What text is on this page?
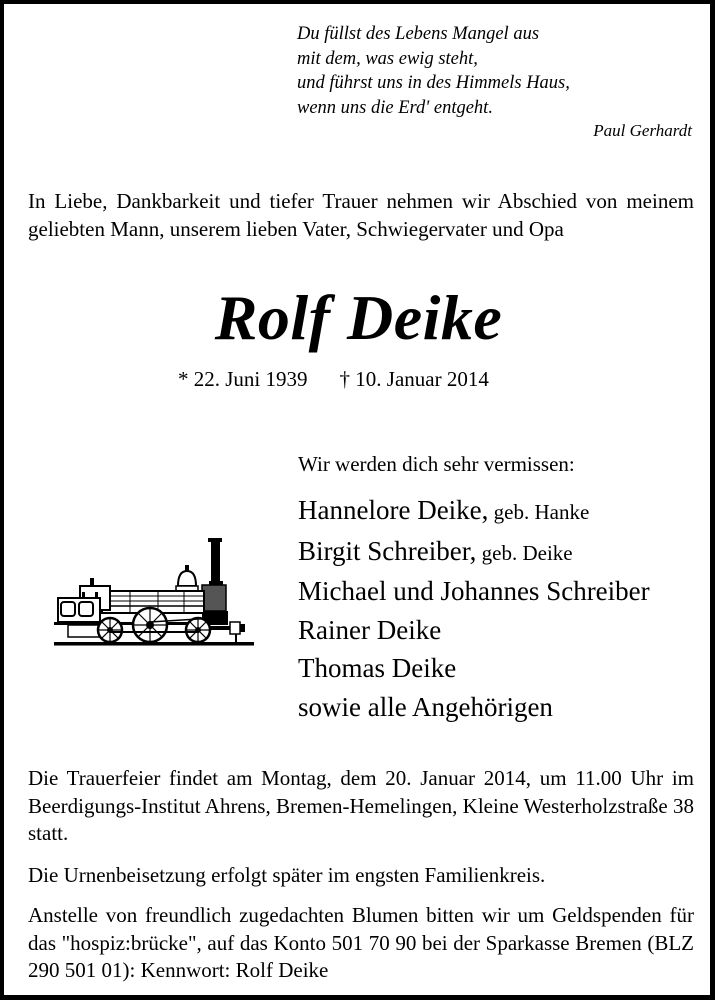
Du füllst des Lebens Mangel aus
mit dem, was ewig steht,
und führst uns in des Himmels Haus,
wenn uns die Erd' entgeht.
Paul Gerhardt
In Liebe, Dankbarkeit und tiefer Trauer nehmen wir Abschied von meinem geliebten Mann, unserem lieben Vater, Schwiegervater und Opa
Rolf Deike
* 22. Juni 1939 † 10. Januar 2014
Wir werden dich sehr vermissen:
Hannelore Deike, geb. Hanke
Birgit Schreiber, geb. Deike
Michael und Johannes Schreiber
Rainer Deike
Thomas Deike
sowie alle Angehörigen
Die Trauerfeier findet am Montag, dem 20. Januar 2014, um 11.00 Uhr im Beerdigungs-Institut Ahrens, Bremen-Hemelingen, Kleine Westerholzstraße 38 statt.
Die Urnenbeisetzung erfolgt später im engsten Familienkreis.
Anstelle von freundlich zugedachten Blumen bitten wir um Geldspenden für das "hospiz:brücke", auf das Konto 501 70 90 bei der Sparkasse Bremen (BLZ 290 501 01): Kennwort: Rolf Deike
